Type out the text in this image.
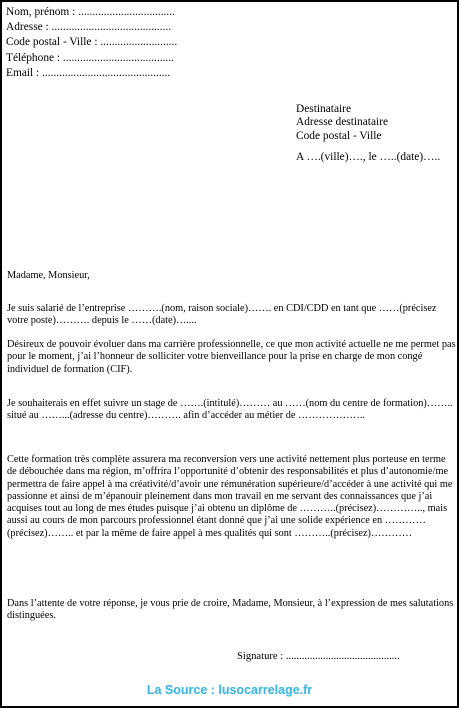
Nom, prénom : ..................................
Adresse : ..........................................
Code postal - Ville : ...........................
Téléphone : .......................................
Email : .............................................
Destinataire
Adresse destinataire
Code postal - Ville
A ….(ville)…., le …..(date)…..

Madame, Monsieur,

Je suis salarié de l’entreprise ……….(nom, raison sociale)……. en CDI/CDD en tant que ……(précisez votre poste)………. depuis le ……(date)…....

Désireux de pouvoir évoluer dans ma carrière professionnelle, ce que mon activité actuelle ne me permet pas pour le moment, j’ai l’honneur de solliciter votre bienveillance pour la prise en charge de mon congé individuel de formation (CIF).

Je souhaiterais en effet suivre un stage de …….(intitulé)……… au ……(nom du centre de formation)…….. situé au ……...(adresse du centre)………. afin d’accéder au métier de ………………..

Cette formation très complète assurera ma reconversion vers une activité nettement plus porteuse en terme de débouchée dans ma région, m’offrira l’opportunité d’obtenir des responsabilités et plus d’autonomie/me permettra de faire appel à ma créativité/d’avoir une rémunération supérieure/d’accéder à une activité qui me passionne et ainsi de m’épanouir pleinement dans mon travail en me servant des connaissances que j’ai acquises tout au long de mes études puisque j’ai obtenu un diplôme de ………..(précisez)………….., mais aussi au cours de mon parcours professionnel étant donné que j’ai une solide expérience en …………(précisez)…….. et par la même de faire appel à mes qualités qui sont ………..(précisez)…………

Dans l’attente de votre réponse, je vous prie de croire, Madame, Monsieur, à l’expression de mes salutations distinguées.

Signature : ...........................................
La Source : lusocarrelage.fr
